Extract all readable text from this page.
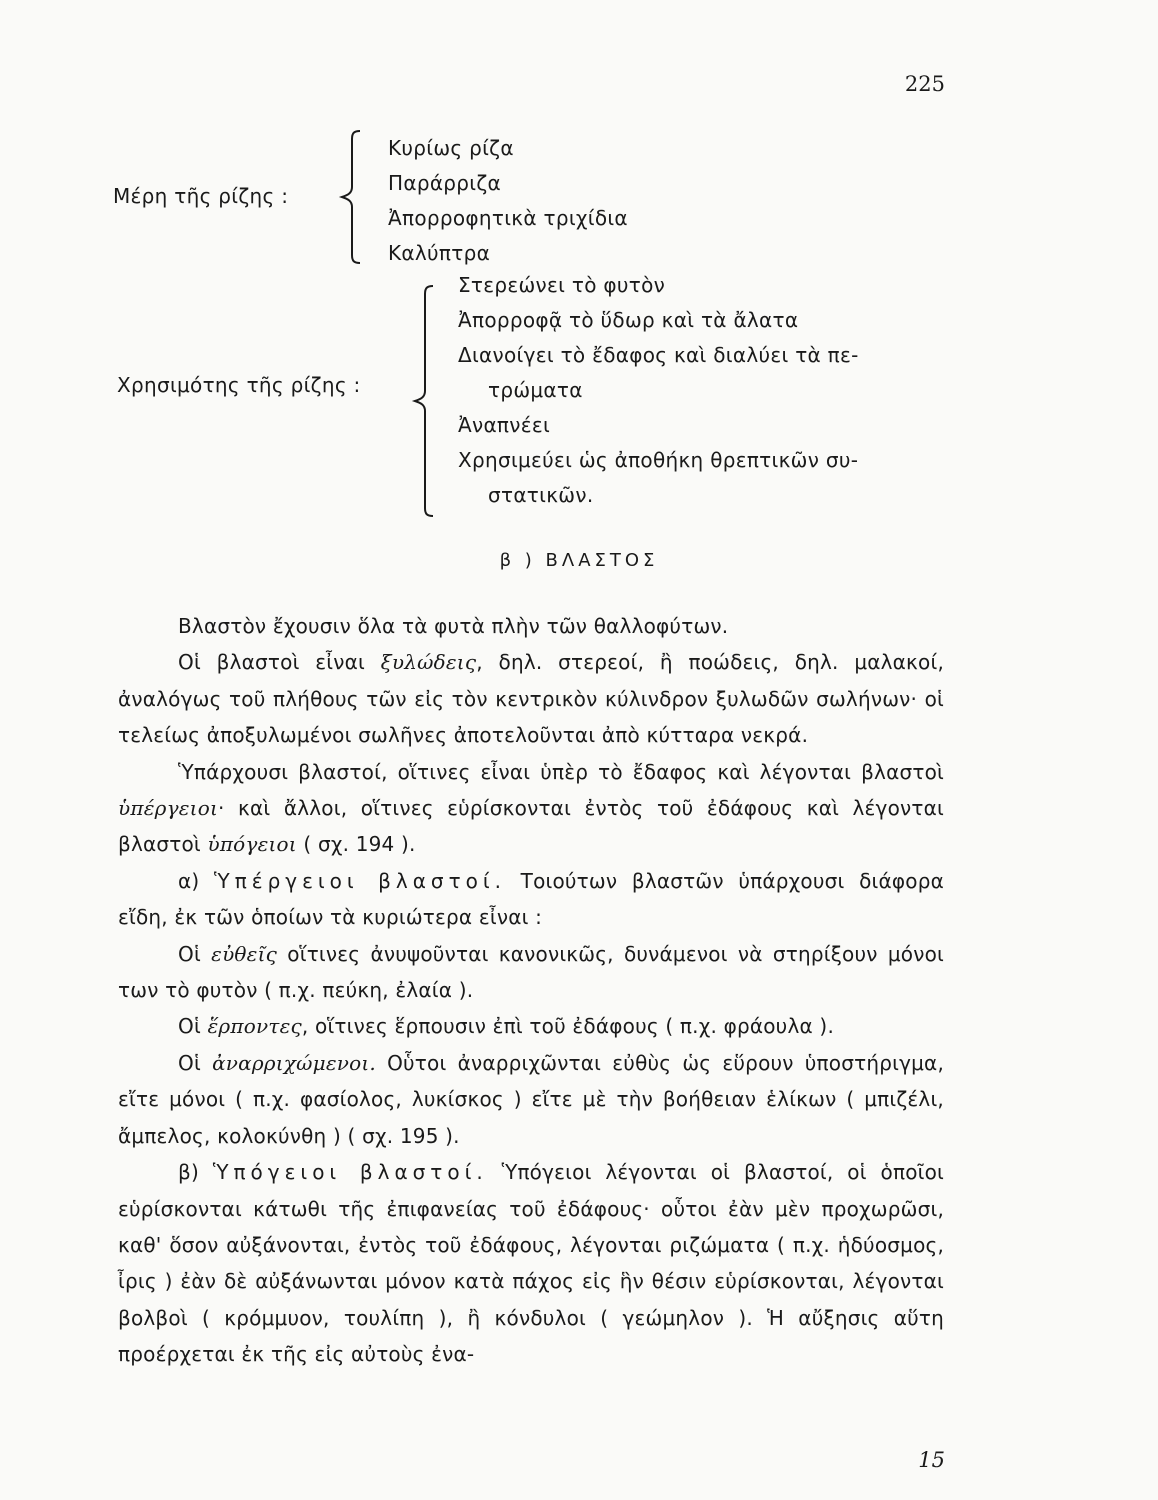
225
Μέρη τῆς ρίζης :
Κυρίως ρίζα
Παράρριζα
Ἀπορροφητικὰ τριχίδια
Καλύπτρα
Χρησιμότης τῆς ρίζης :
Στερεώνει τὸ φυτὸν
Ἀπορροφᾷ τὸ ὕδωρ καὶ τὰ ἄλατα
Διανοίγει τὸ ἔδαφος καὶ διαλύει τὰ πε-
τρώματα
Ἀναπνέει
Χρησιμεύει ὡς ἀποθήκη θρεπτικῶν συ-
στατικῶν.
β ) ΒΛΑΣΤΟΣ

Βλαστὸν ἔχουσιν ὅλα τὰ φυτὰ πλὴν τῶν θαλλοφύτων.

Οἱ βλαστοὶ εἶναι ξυλώδεις, δηλ. στερεοί, ἢ ποώδεις, δηλ. μαλακοί, ἀναλόγως τοῦ πλήθους τῶν εἰς τὸν κεντρικὸν κύλινδρον ξυλωδῶν σωλήνων· οἱ τελείως ἀποξυλωμένοι σωλῆνες ἀποτελοῦνται ἀπὸ κύτταρα νεκρά.

Ὑπάρχουσι βλαστοί, οἵτινες εἶναι ὑπὲρ τὸ ἔδαφος καὶ λέγονται βλαστοὶ ὑπέργειοι· καὶ ἄλλοι, οἵτινες εὑρίσκονται ἐντὸς τοῦ ἐδάφους καὶ λέγονται βλαστοὶ ὑπόγειοι ( σχ. 194 ).

α) Ὑπέργειοι βλαστοί. Τοιούτων βλαστῶν ὑπάρχουσι διάφορα εἴδη, ἐκ τῶν ὁποίων τὰ κυριώτερα εἶναι :

Οἱ εὐθεῖς οἵτινες ἀνυψοῦνται κανονικῶς, δυνάμενοι νὰ στηρίξουν μόνοι των τὸ φυτὸν ( π.χ. πεύκη, ἐλαία ).

Οἱ ἕρποντες, οἵτινες ἕρπουσιν ἐπὶ τοῦ ἐδάφους ( π.χ. φράουλα ).

Οἱ ἀναρριχώμενοι. Οὗτοι ἀναρριχῶνται εὐθὺς ὡς εὕρουν ὑποστήριγμα, εἴτε μόνοι ( π.χ. φασίολος, λυκίσκος ) εἴτε μὲ τὴν βοήθειαν ἑλίκων ( μπιζέλι, ἄμπελος, κολοκύνθη ) ( σχ. 195 ).

β) Ὑπόγειοι βλαστοί. Ὑπόγειοι λέγονται οἱ βλαστοί, οἱ ὁποῖοι εὑρίσκονται κάτωθι τῆς ἐπιφανείας τοῦ ἐδάφους· οὗτοι ἐὰν μὲν προχωρῶσι, καθ' ὅσον αὐξάνονται, ἐντὸς τοῦ ἐδάφους, λέγονται ριζώματα ( π.χ. ἡδύοσμος, ἶρις ) ἐὰν δὲ αὐξάνωνται μόνον κατὰ πάχος εἰς ἣν θέσιν εὑρίσκονται, λέγονται βολβοὶ ( κρόμμυον, τουλίπη ), ἢ κόνδυλοι ( γεώμηλον ). Ἡ αὔξησις αὕτη προέρχεται ἐκ τῆς εἰς αὐτοὺς ἐνα-

15
